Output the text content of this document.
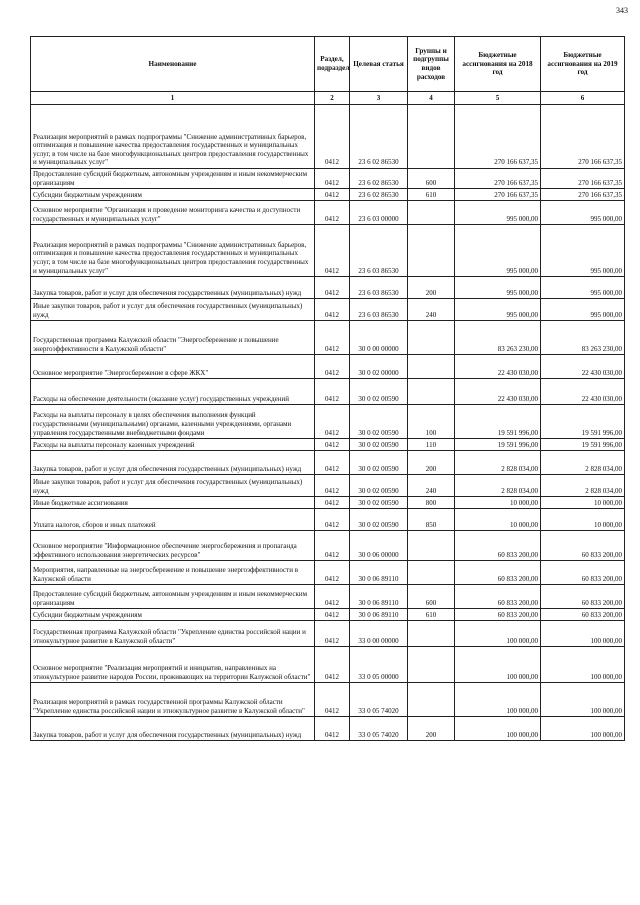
343
Наименование	Раздел, подраздел	Целевая статья	Группы и подгруппы видов расходов	Бюджетные ассигнования на 2018 год	Бюджетные ассигнования на 2019 год
1	2	3	4	5	6
Реализация мероприятий в рамках подпрограммы "Снижение административных барьеров, оптимизация и повышение качества предоставления государственных и муниципальных услуг, в том числе на базе многофункциональных центров предоставления государственных и муниципальных услуг"	0412	23 6 02 86530		270 166 637,35	270 166 637,35
Предоставление субсидий бюджетным, автономным учреждениям и иным некоммерческим организациям	0412	23 6 02 86530	600	270 166 637,35	270 166 637,35
Субсидии бюджетным учреждениям	0412	23 6 02 86530	610	270 166 637,35	270 166 637,35
Основное мероприятие "Организация и проведение мониторинга качества и доступности государственных и муниципальных услуг"	0412	23 6 03 00000		995 000,00	995 000,00
Реализация мероприятий в рамках подпрограммы "Снижение административных барьеров, оптимизация и повышение качества предоставления государственных и муниципальных услуг, в том числе на базе многофункциональных центров предоставления государственных и муниципальных услуг"	0412	23 6 03 86530		995 000,00	995 000,00
Закупка товаров, работ и услуг для обеспечения государственных (муниципальных) нужд	0412	23 6 03 86530	200	995 000,00	995 000,00
Иные закупки товаров, работ и услуг для обеспечения государственных (муниципальных) нужд	0412	23 6 03 86530	240	995 000,00	995 000,00
Государственная программа Калужской области "Энергосбережение и повышение энергоэффективности в Калужской области"	0412	30 0 00 00000		83 263 230,00	83 263 230,00
Основное мероприятие "Энергосбережение в сфере ЖКХ"	0412	30 0 02 00000		22 430 030,00	22 430 030,00
Расходы на обеспечение деятельности (оказание услуг) государственных учреждений	0412	30 0 02 00590		22 430 030,00	22 430 030,00
Расходы на выплаты персоналу в целях обеспечения выполнения функций государственными (муниципальными) органами, казенными учреждениями, органами управления государственными внебюджетными фондами	0412	30 0 02 00590	100	19 591 996,00	19 591 996,00
Расходы на выплаты персоналу казенных учреждений	0412	30 0 02 00590	110	19 591 996,00	19 591 996,00
Закупка товаров, работ и услуг для обеспечения государственных (муниципальных) нужд	0412	30 0 02 00590	200	2 828 034,00	2 828 034,00
Иные закупки товаров, работ и услуг для обеспечения государственных (муниципальных) нужд	0412	30 0 02 00590	240	2 828 034,00	2 828 034,00
Иные бюджетные ассигнования	0412	30 0 02 00590	800	10 000,00	10 000,00
Уплата налогов, сборов и иных платежей	0412	30 0 02 00590	850	10 000,00	10 000,00
Основное мероприятие "Информационное обеспечение энергосбережения и пропаганда эффективного использования энергетических ресурсов"	0412	30 0 06 00000		60 833 200,00	60 833 200,00
Мероприятия, направленные на энергосбережение и повышение энергоэффективности в Калужской области	0412	30 0 06 89110		60 833 200,00	60 833 200,00
Предоставление субсидий бюджетным, автономным учреждениям и иным некоммерческим организациям	0412	30 0 06 89110	600	60 833 200,00	60 833 200,00
Субсидии бюджетным учреждениям	0412	30 0 06 89110	610	60 833 200,00	60 833 200,00
Государственная программа Калужской области "Укрепление единства российской нации и этнокультурное развитие в Калужской области"	0412	33 0 00 00000		100 000,00	100 000,00
Основное мероприятие "Реализация мероприятий и инициатив, направленных на этнокультурное развитие народов России, проживающих на территории Калужской области"	0412	33 0 05 00000		100 000,00	100 000,00
Реализация мероприятий в рамках государственной программы Калужской области "Укрепление единства российской нации и этнокультурное развитие в Калужской области"	0412	33 0 05 74020		100 000,00	100 000,00
Закупка товаров, работ и услуг для обеспечения государственных (муниципальных) нужд	0412	33 0 05 74020	200	100 000,00	100 000,00
